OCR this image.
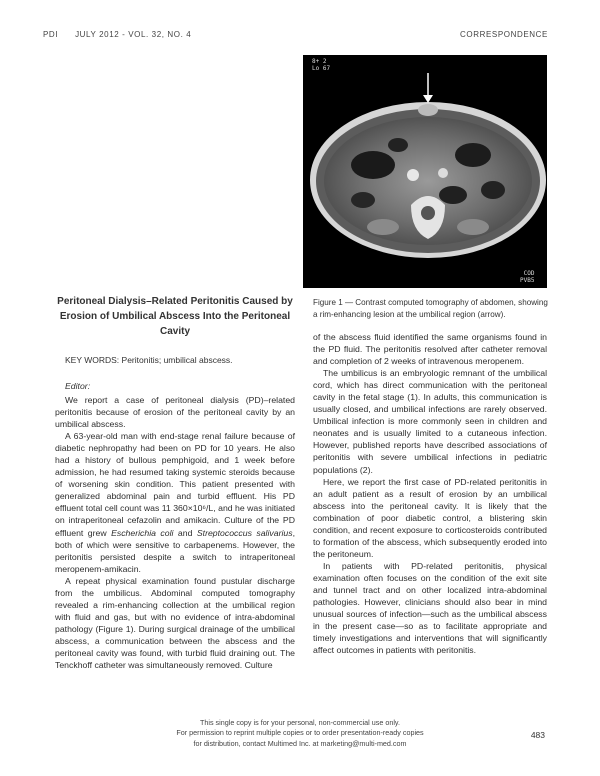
PDI      JULY 2012 - VOL. 32, NO. 4	CORRESPONDENCE
8+ 2
Lo 67
COD
PVB5
Figure 1 — Contrast computed tomography of abdomen, showing a rim-enhancing lesion at the umbilical region (arrow).
Peritoneal Dialysis–Related Peritonitis Caused by Erosion of Umbilical Abscess Into the Peritoneal Cavity
KEY WORDS: Peritonitis; umbilical abscess.
Editor:

We report a case of peritoneal dialysis (PD)–related peritonitis because of erosion of the peritoneal cavity by an umbilical abscess.

A 63-year-old man with end-stage renal failure because of diabetic nephropathy had been on PD for 10 years. He also had a history of bullous pemphigoid, and 1 week before admission, he had resumed taking systemic steroids because of worsening skin condition. This patient presented with generalized abdominal pain and turbid effluent. His PD effluent total cell count was 11 360×10⁶/L, and he was initiated on intraperitoneal cefazolin and amikacin. Culture of the PD effluent grew Escherichia coli and Streptococcus salivarius, both of which were sensitive to carbapenems. However, the peritonitis persisted despite a switch to intraperitoneal meropenem-amikacin.

A repeat physical examination found pustular discharge from the umbilicus. Abdominal computed tomography revealed a rim-enhancing collection at the umbilical region with fluid and gas, but with no evidence of intra-abdominal pathology (Figure 1). During surgical drainage of the umbilical abscess, a communication between the abscess and the peritoneal cavity was found, with turbid fluid draining out. The Tenckhoff catheter was simultaneously removed. Culture

of the abscess fluid identified the same organisms found in the PD fluid. The peritonitis resolved after catheter removal and completion of 2 weeks of intravenous meropenem.

The umbilicus is an embryologic remnant of the umbilical cord, which has direct communication with the peritoneal cavity in the fetal stage (1). In adults, this communication is usually closed, and umbilical infections are rarely observed. Umbilical infection is more commonly seen in children and neonates and is usually limited to a cutaneous infection. However, published reports have described associations of peritonitis with severe umbilical infections in pediatric populations (2).

Here, we report the first case of PD-related peritonitis in an adult patient as a result of erosion by an umbilical abscess into the peritoneal cavity. It is likely that the combination of poor diabetic control, a blistering skin condition, and recent exposure to corticosteroids contributed to formation of the abscess, which subsequently eroded into the peritoneum.

In patients with PD-related peritonitis, physical examination often focuses on the condition of the exit site and tunnel tract and on other localized intra-abdominal pathologies. However, clinicians should also bear in mind unusual sources of infection—such as the umbilical abscess in the present case—so as to facilitate appropriate and timely investigations and interventions that will significantly affect outcomes in patients with peritonitis.

This single copy is for your personal, non-commercial use only.
For permission to reprint multiple copies or to order presentation-ready copies
for distribution, contact Multimed Inc. at marketing@multi-med.com
483
